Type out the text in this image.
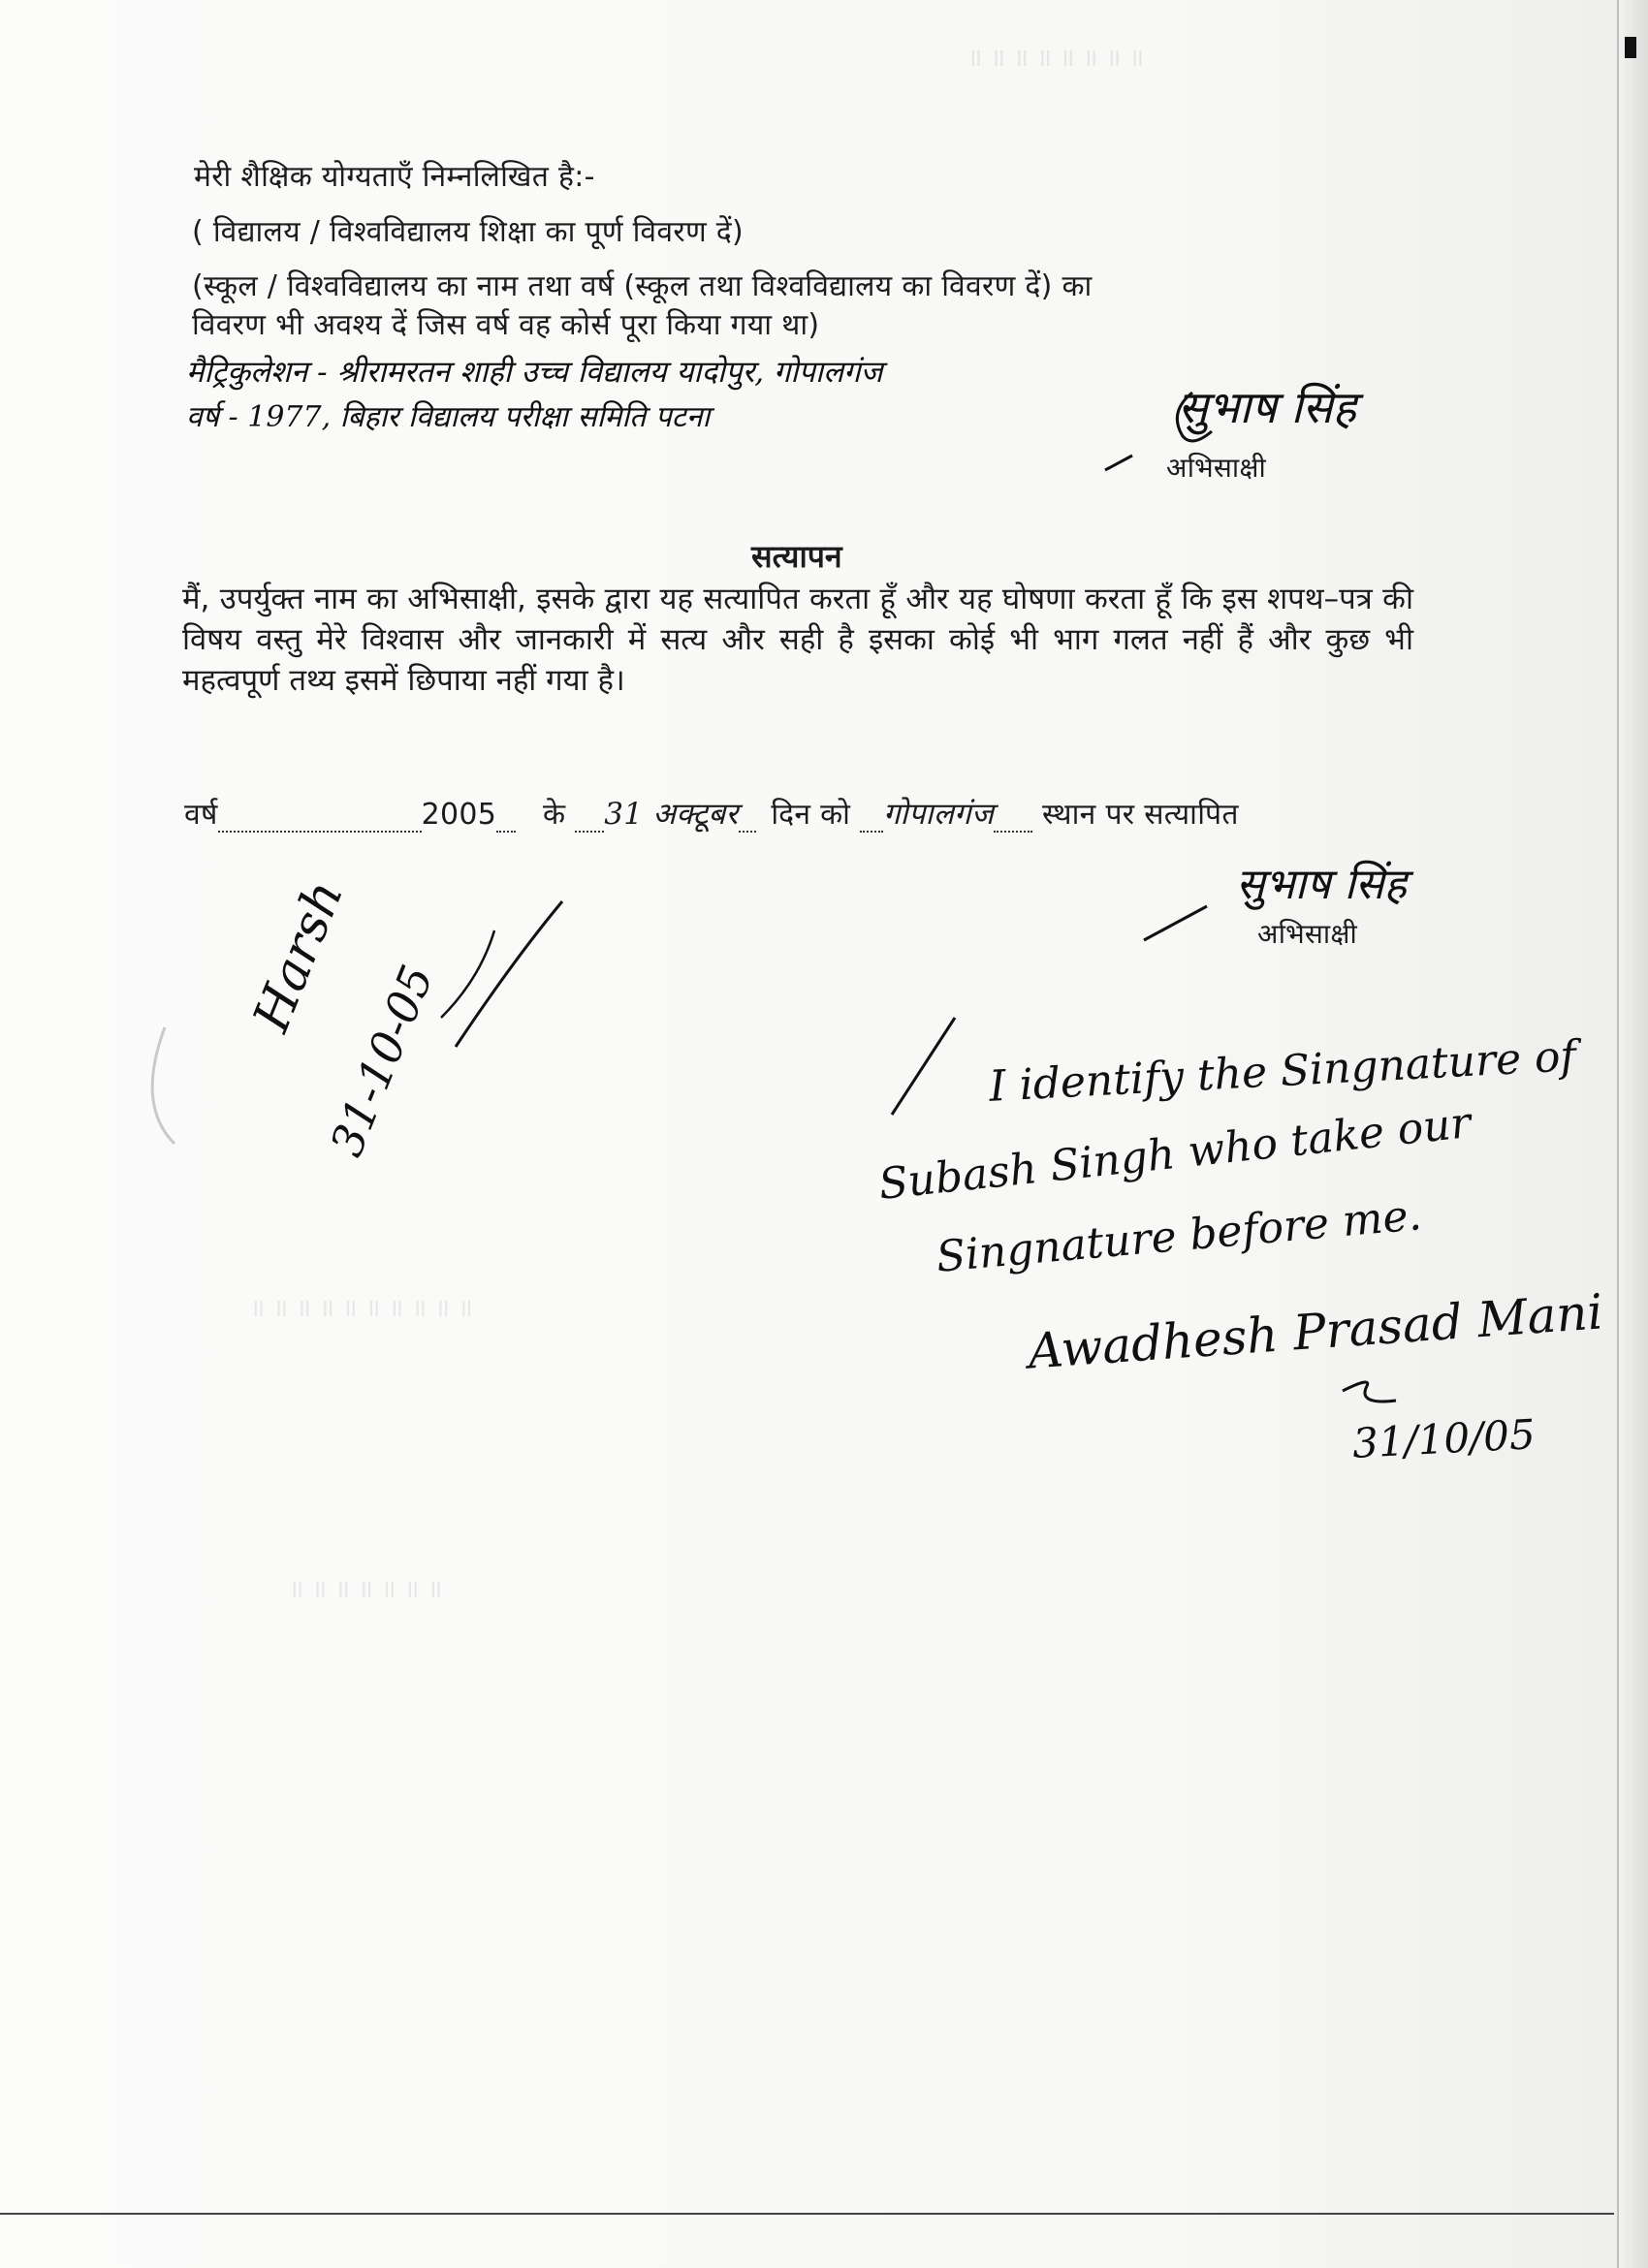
॥ ॥ ॥ ॥ ॥ ॥ ॥ ॥
॥ ॥ ॥ ॥ ॥ ॥ ॥ ॥ ॥ ॥
॥ ॥ ॥ ॥ ॥ ॥ ॥
मेरी शैक्षिक योग्यताएँ निम्नलिखित है:-
( विद्यालय / विश्वविद्यालय शिक्षा का पूर्ण विवरण दें)
(स्कूल / विश्वविद्यालय का नाम तथा वर्ष (स्कूल तथा विश्वविद्यालय का विवरण दें) का
विवरण भी अवश्य दें जिस वर्ष वह कोर्स पूरा किया गया था)
मैट्रिकुलेशन - श्रीरामरतन शाही उच्च विद्यालय यादोपुर, गोपालगंज
वर्ष - 1977, बिहार विद्यालय परीक्षा समिति पटना	सुभाष सिंह
अभिसाक्षी
सत्यापन
मैं, उपर्युक्त नाम का अभिसाक्षी, इसके द्वारा यह सत्यापित करता हूँ और यह घोषणा करता हूँ कि इस शपथ–पत्र की विषय वस्तु मेरे विश्वास और जानकारी में सत्य और सही है इसका कोई भी भाग गलत नहीं हैं और कुछ भी महत्वपूर्ण तथ्य इसमें छिपाया नहीं गया है।
वर्ष	2005 के 31 अक्टूबर दिन को गोपालगंज स्थान पर सत्यापित
सुभाष सिंह
अभिसाक्षी
Harsh
31-10-05	I identify the Singnature of
Subash Singh who take our
Singnature before me.
Awadhesh Prasad Mani
31/10/05
